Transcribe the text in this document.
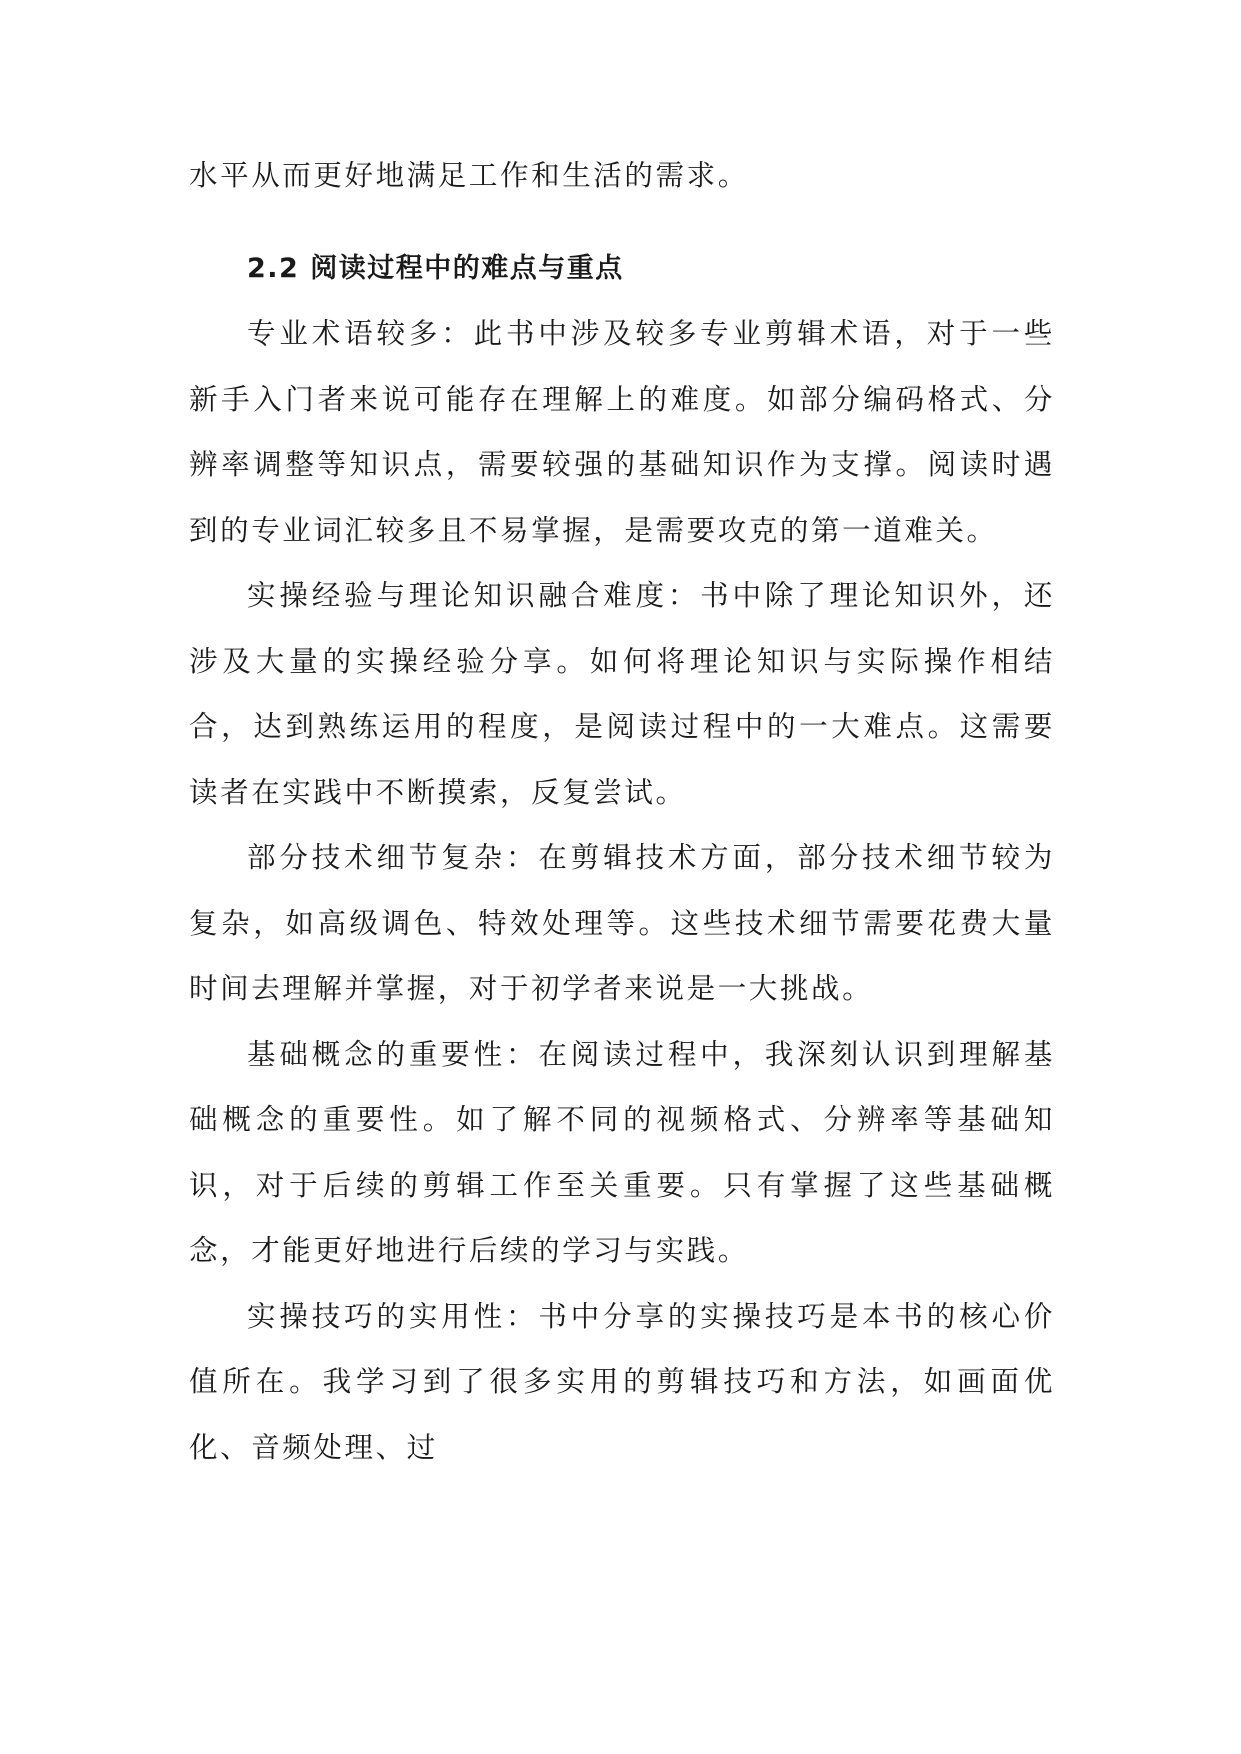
水平从而更好地满足工作和生活的需求。

2.2 阅读过程中的难点与重点

专业术语较多：此书中涉及较多专业剪辑术语，对于一些新手入门者来说可能存在理解上的难度。如部分编码格式、分辨率调整等知识点，需要较强的基础知识作为支撑。阅读时遇到的专业词汇较多且不易掌握，是需要攻克的第一道难关。

实操经验与理论知识融合难度：书中除了理论知识外，还涉及大量的实操经验分享。如何将理论知识与实际操作相结合，达到熟练运用的程度，是阅读过程中的一大难点。这需要读者在实践中不断摸索，反复尝试。

部分技术细节复杂：在剪辑技术方面，部分技术细节较为复杂，如高级调色、特效处理等。这些技术细节需要花费大量时间去理解并掌握，对于初学者来说是一大挑战。

基础概念的重要性：在阅读过程中，我深刻认识到理解基础概念的重要性。如了解不同的视频格式、分辨率等基础知识，对于后续的剪辑工作至关重要。只有掌握了这些基础概念，才能更好地进行后续的学习与实践。

实操技巧的实用性：书中分享的实操技巧是本书的核心价值所在。我学习到了很多实用的剪辑技巧和方法，如画面优化、音频处理、过
